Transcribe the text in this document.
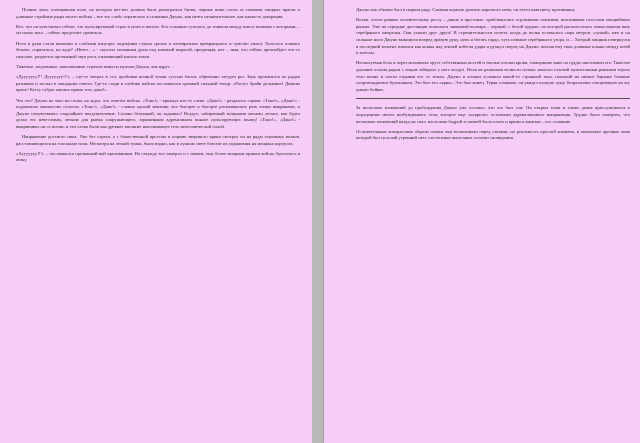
Полная луна, освещавшая поле, на котором вот-вот должна была разыграться битва, черные пики сосен за спинами хищных врагов и длинные стройные ряды своего войска – все это слабо отразилось в сознании Джуно, как нечто незначительное, как какая-то декорация.

Все, что он чувствовал сейчас, это пульсирующий страх в ушах и висках. Его сознание сузилось до тоннеля между ним и волками с которыми, – он точно знал – сейчас предстоит сразиться.

Ноги и руки стали ватными и слабыми изнутри, ощущение страха грозно и неотвратимо превращалось в чувство ужаса. Хотелось плакать бежать, спрятаться, но куда? «Нееет…» - скулила загнанная душа под кожаной кирасой, предвещая, нет – зная, что сейчас произойдет что-то ужасное, раздается протяжный звук рога, означающий начало атаки.

Тяжелые, медленные, наполненные страхом минуты мучили Джуно, как вдруг…

«Дууууууу!!! Дууууууу!!!» – где-то метрах в ста, пробивая ночной туман густым басом, обреченно загудел рог. Звук прокатился по рядам ратников и застыл в ожидании ответа. Где-то сзади в глубине войска послышался громкий сильный тенор: «Растут брайи дельмино! Дименэ крито! Кетту субдат нисано прямо того дано!».

Что это? Джуно не знал ни слова, но ждал, что ответит войско. «Тоно!» - крикнул кто-то слева. «Дано!» - раздалось справа. «Тоно!», «Дано!» - подхватило множество голосов, «Тоно!», «Дано!» - словно адский маятник, все быстрее и быстрее раскачивалась рать этими выкриками, и Джуно почувствовал сладчайшее воодушевление. Словно безумный, он задышал! Воздух, забираемый мощными мехами легких, как будто делал его невесомым, легким для рывка сокрушающего, заряженным адреналином пьяное пульсирующих мышц! «Тоно!», «Дано!» - выкрикивал он со всеми, и эти слова были как древнее заклятие наполняющее тело нечеловеческой силой.

Напряжение достигло пика. Уже без страха, а с божественной яростью в порыве звериного крика смотрел он на ряды огромных волков, расставляющихся на том конце поля. Несмотря на легкий туман, было видно, как в лунном свете блестят их украшения на мощных корпусах.

«Аууууууу!!!» – послышался протяжный вой противников. На секунду все замерло и с новым, еще более мощным криком войско бросилось в атаку.

Джуно как обычно был в первом ряду. Сжимая кормую рукоять короткого меча, он летел навстречу противнику.

Волки, почти равные человеческому росту – дикие и яростные, приближались огромными скачками, визгливыми голосами мощнейших рыжих. Уже на середине дистанции показался знакомый волчара – черный, с белой грудью, на которой распласталась замысловатая вязь серебряного ожерелья. Они узнали друг друга! В стремительности полета, когда до волка оставалось пара метров, «чужой» меч и он сильные ноги Джуно выкинули вперед правую руку, цепь и бегать гордо, чуть повыше серебряного узора, и… Хитрый хищник извернулся в последний момент, взвился как кошка над землей избегая удара и рухнул сверху на Джуно, вонзая ему свои длинные клыки между шеей и плечом.

Неописуемая боль и через мгновенье хруст собственных костей и теплые потоки крови, хлынувшие вниз по груди ошеломили его. Тяжелое дыхание оскаля рядом с лицом забирало у него воздух. Волк не разжимая челюсти сильно замотал головой мучительным рывками терзал тело воина и почти отрывая его от земли. Джуно в агонии услышал какой-то странный звук, похожий на низкое баранье блеяние сопровождаемое бульканьем. Это был его «крик». Это был конец. Теряя сознание, он увидел полную луну, безразлично смотревшую на эту дикую бойню.

За несколько мгновений до пробуждения Джуно уже осознал, что это был сон. Он открыл глаза и также дыша прислушивался к ощущениям своего возбужденного тела, которое еще «искрило» остатками адреналинового напряжения. Трудно было поверить, что несколько мгновений назад он спал, настолько бодрой и свежей была плоть и ярким и вжатым – его сознание.

Ослепительные контрастные образы сказки еще вспыхивали перед глазами, но реальность круглой комнаты, в маленькое арочные окна которой бил тусклый утренний свет, постепенно вытесняла остатки сновидения.
